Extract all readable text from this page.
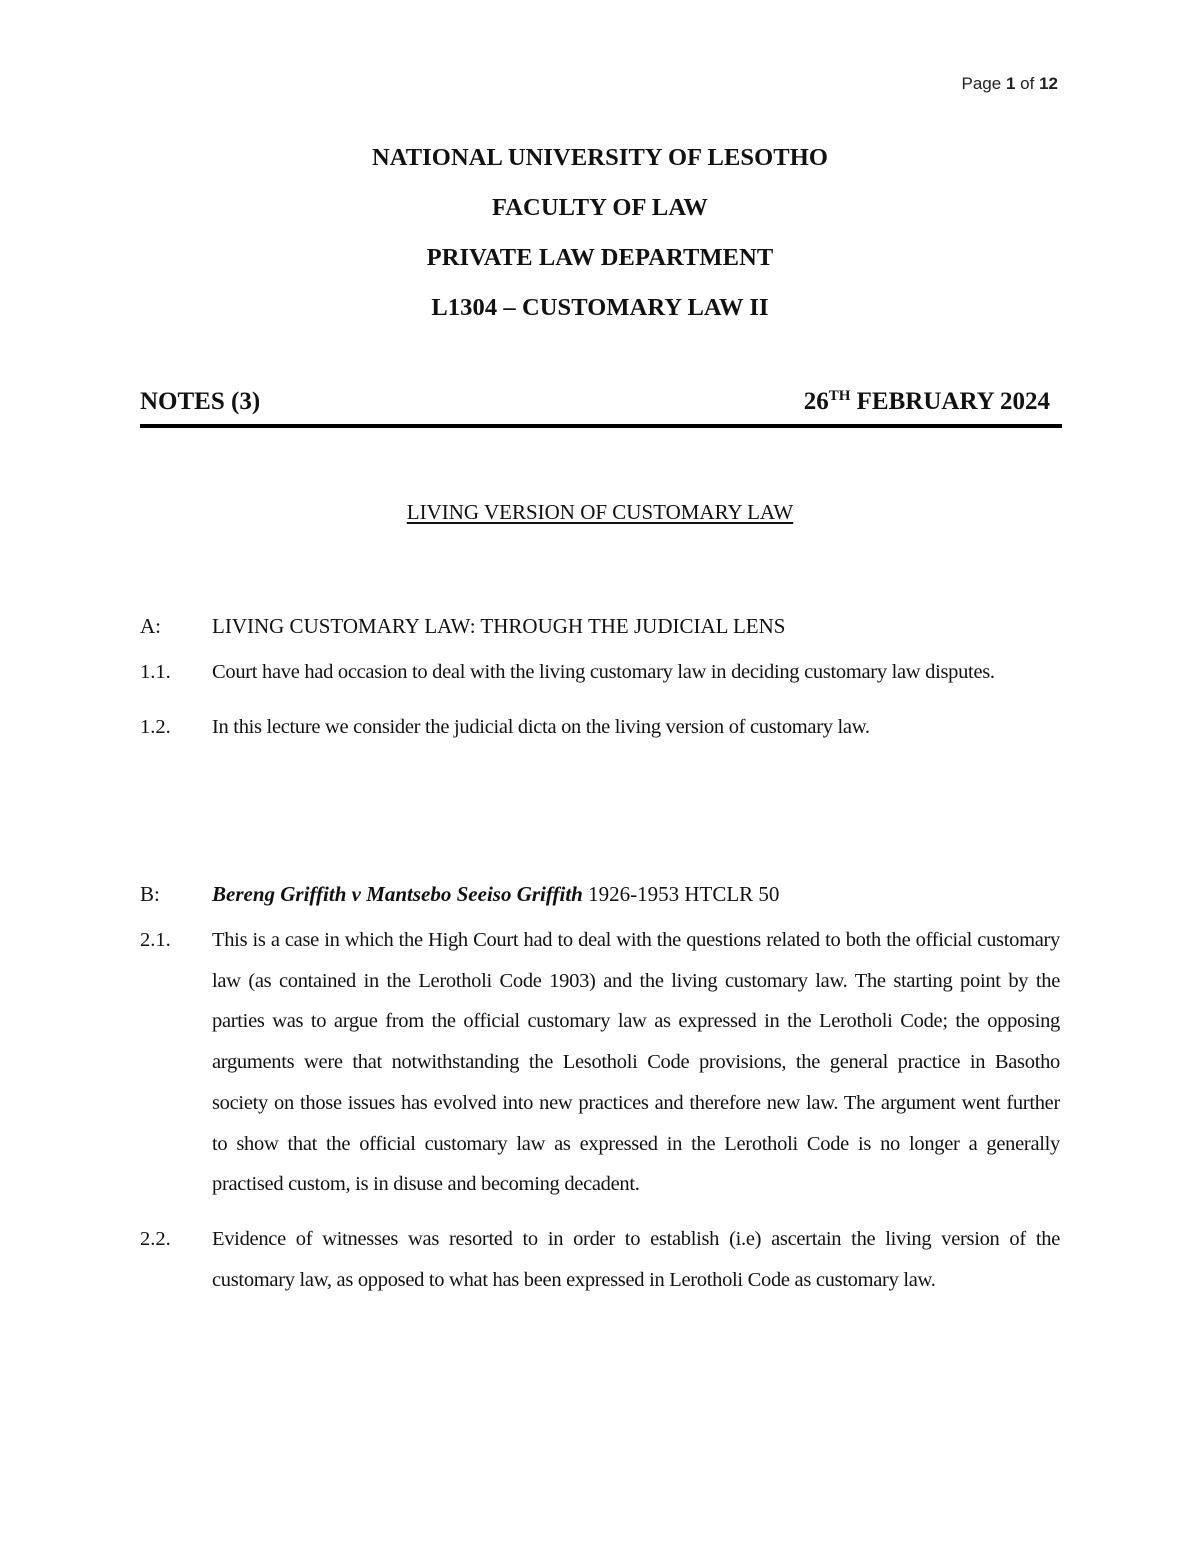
Page 1 of 12
NATIONAL UNIVERSITY OF LESOTHO
FACULTY OF LAW
PRIVATE LAW DEPARTMENT
L1304 – CUSTOMARY LAW II
NOTES (3)	26TH FEBRUARY 2024
LIVING VERSION OF CUSTOMARY LAW
A: LIVING CUSTOMARY LAW: THROUGH THE JUDICIAL LENS
1.1. Court have had occasion to deal with the living customary law in deciding customary law disputes.
1.2. In this lecture we consider the judicial dicta on the living version of customary law.
B: Bereng Griffith v Mantsebo Seeiso Griffith 1926-1953 HTCLR 50
2.1. This is a case in which the High Court had to deal with the questions related to both the official customary law (as contained in the Lerotholi Code 1903) and the living customary law. The starting point by the parties was to argue from the official customary law as expressed in the Lerotholi Code; the opposing arguments were that notwithstanding the Lesotholi Code provisions, the general practice in Basotho society on those issues has evolved into new practices and therefore new law. The argument went further to show that the official customary law as expressed in the Lerotholi Code is no longer a generally practised custom, is in disuse and becoming decadent.
2.2. Evidence of witnesses was resorted to in order to establish (i.e) ascertain the living version of the customary law, as opposed to what has been expressed in Lerotholi Code as customary law.
